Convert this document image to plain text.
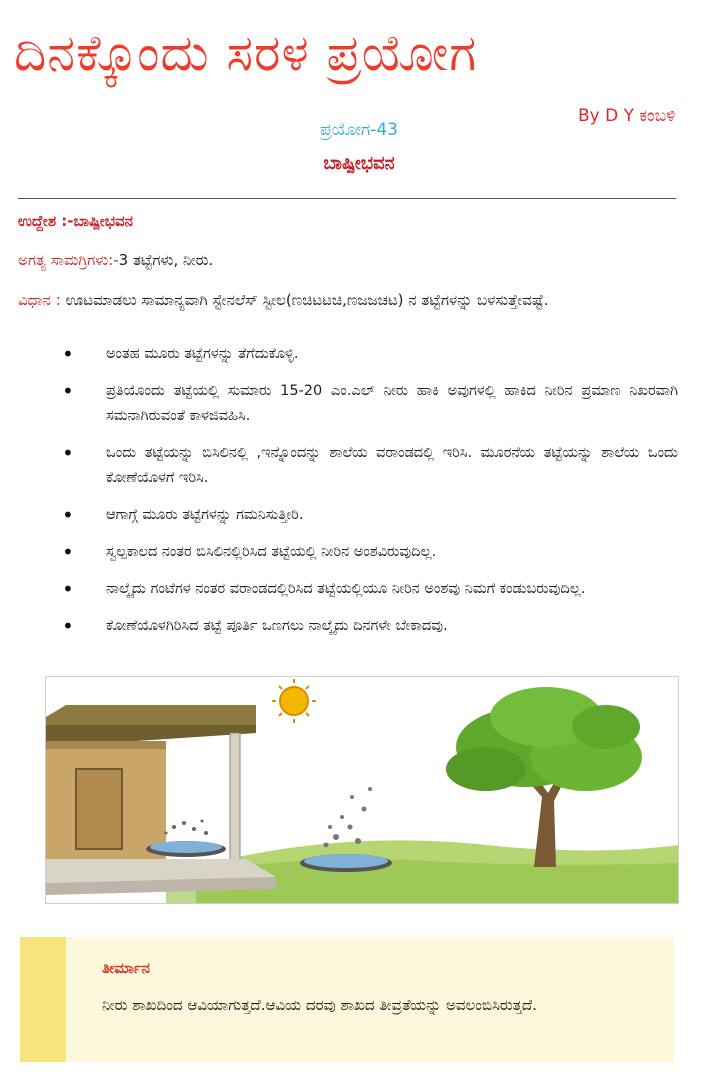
ದಿನಕ್ಕೊಂದು ಸರಳ ಪ್ರಯೋಗ
By D Y ಕಂಬಳಿ
ಪ್ರಯೋಗ-43
ಬಾಷ್ಪೀಭವನ
ಉದ್ದೇಶ :-ಬಾಷ್ಪೀಭವನ
ಅಗತ್ಯ ಸಾಮಗ್ರಿಗಳು:-3 ತಟ್ಟೆಗಳು, ನೀರು.
ವಿಧಾನ : ಊಟಮಾಡಲು ಸಾಮಾನ್ಯವಾಗಿ ಸ್ಟೇನಲೆಸ್ ಸ್ಟೀಲ(ಣಚಿಟಟಚಿ,ಣಜಜಚಟ) ನ ತಟ್ಟೆಗಳನ್ನು ಬಳಸುತ್ತೇವಷ್ಟೆ.
• ಅಂತಹ ಮೂರು ತಟ್ಟೆಗಳನ್ನು ತೆಗೆದುಕೊಳ್ಳಿ.
• ಪ್ರತಿಯೊಂದು ತಟ್ಟೆಯಲ್ಲಿ ಸುಮಾರು 15-20 ಎಂ.ಎಲ್ ನೀರು ಹಾಕಿ ಅವುಗಳಲ್ಲಿ ಹಾಕಿದ ನೀರಿನ ಪ್ರಮಾಣ ನಿಖರವಾಗಿ ಸಮನಾಗಿರುವಂತೆ ಕಾಳಜಿವಹಿಸಿ.
• ಒಂದು ತಟ್ಟೆಯನ್ನು ಬಿಸಿಲಿನಲ್ಲಿ ,ಇನ್ನೊಂದನ್ನು ಶಾಲೆಯ ವರಾಂಡದಲ್ಲಿ ಇರಿಸಿ. ಮೂರನೆಯ ತಟ್ಟೆಯನ್ನು ಶಾಲೆಯ ಒಂದು ಕೋಣೆಯೊಳಗೆ ಇರಿಸಿ.
• ಆಗಾಗ್ಗೆ ಮೂರು ತಟ್ಟೆಗಳನ್ನು ಗಮನಿಸುತ್ತೀರಿ.
• ಸ್ವಲ್ಪಕಾಲದ ನಂತರ ಬಿಸಿಲಿನಲ್ಲಿರಿಸಿದ ತಟ್ಟೆಯಲ್ಲಿ ನೀರಿನ ಅಂಶವಿರುವುದಿಲ್ಲ.
• ನಾಲ್ಕೈದು ಗಂಟೆಗಳ ನಂತರ ವರಾಂಡದಲ್ಲಿರಿಸಿದ ತಟ್ಟೆಯಲ್ಲಿಯೂ ನೀರಿನ ಅಂಶವು ನಿಮಗೆ ಕಂಡುಬರುವುದಿಲ್ಲ.
• ಕೋಣೆಯೊಳಗಿರಿಸಿದ ತಟ್ಟೆ ಪೂರ್ತಿ ಒಣಗಲು ನಾಲ್ಕೈದು ದಿನಗಳೇ ಬೇಕಾದವು.
ತೀರ್ಮಾನ
ನೀರು ಶಾಖದಿಂದ ಆವಿಯಾಗುತ್ತದೆ.ಆವಿಯ ದರವು ಶಾಖದ ತೀವ್ರತೆಯನ್ನು ಅವಲಂಬಿಸಿರುತ್ತದೆ.
